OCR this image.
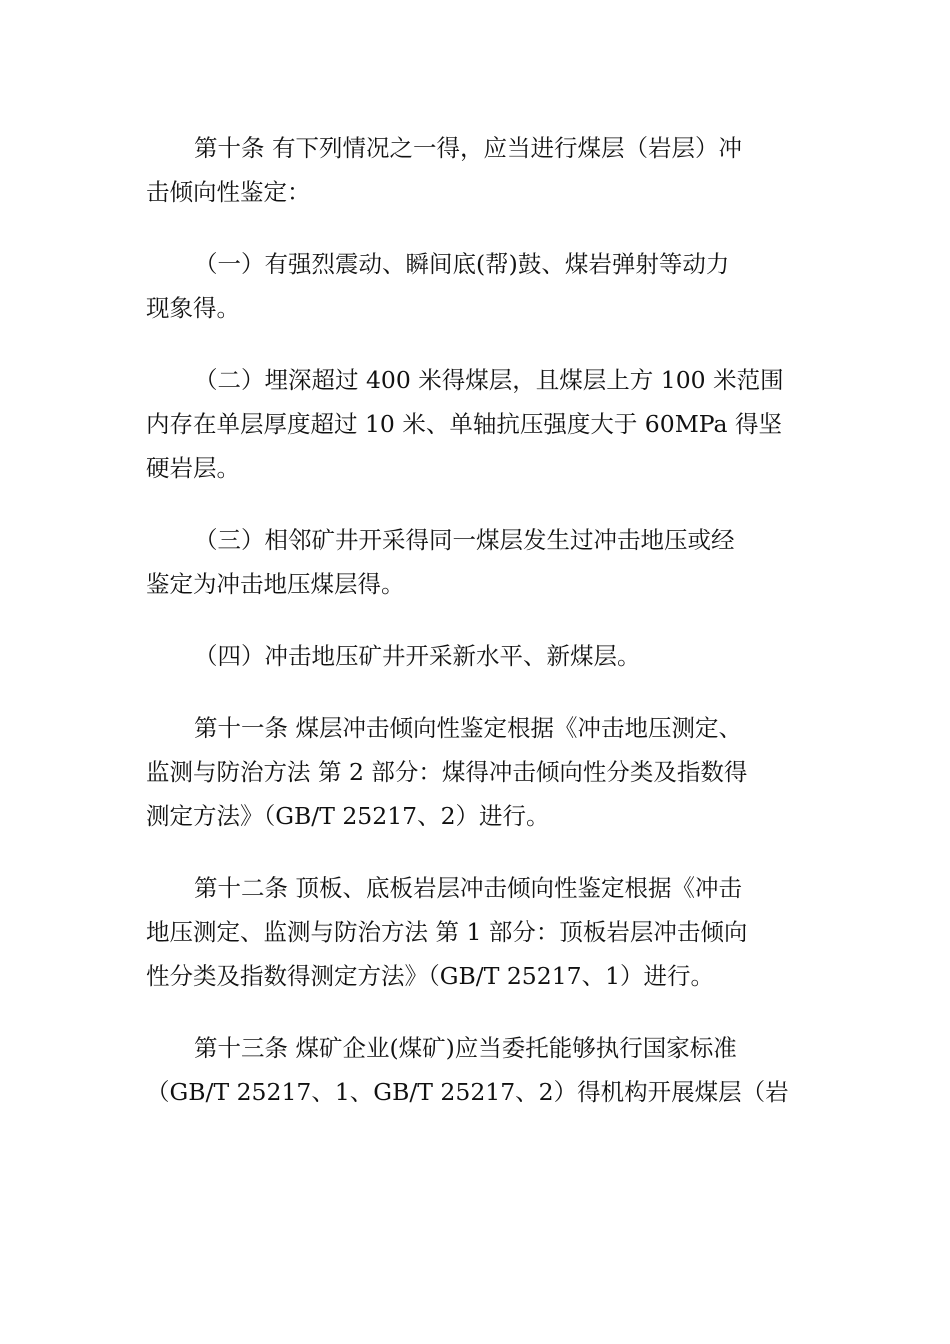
第十条 有下列情况之一得，应当进行煤层（岩层）冲
击倾向性鉴定：

（一）有强烈震动、瞬间底(帮)鼓、煤岩弹射等动力
现象得。

（二）埋深超过 400 米得煤层，且煤层上方 100 米范围
内存在单层厚度超过 10 米、单轴抗压强度大于 60MPa 得坚
硬岩层。

（三）相邻矿井开采得同一煤层发生过冲击地压或经
鉴定为冲击地压煤层得。

（四）冲击地压矿井开采新水平、新煤层。

第十一条 煤层冲击倾向性鉴定根据《冲击地压测定、
监测与防治方法 第 2 部分：煤得冲击倾向性分类及指数得
测定方法》（GB/T 25217、2）进行。

第十二条 顶板、底板岩层冲击倾向性鉴定根据《冲击
地压测定、监测与防治方法 第 1 部分：顶板岩层冲击倾向
性分类及指数得测定方法》（GB/T 25217、1）进行。

第十三条 煤矿企业(煤矿)应当委托能够执行国家标准
（GB/T 25217、1、GB/T 25217、2）得机构开展煤层（岩
